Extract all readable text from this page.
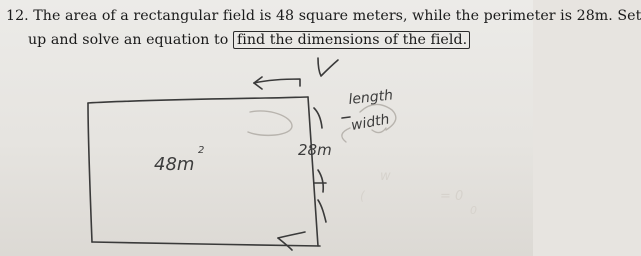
12. The area of a rectangular field is 48 square meters, while the perimeter is 28m. Set
up and solve an equation to find the dimensions of the field.
w
= 0
(
0
length
width
48m
2	28m
